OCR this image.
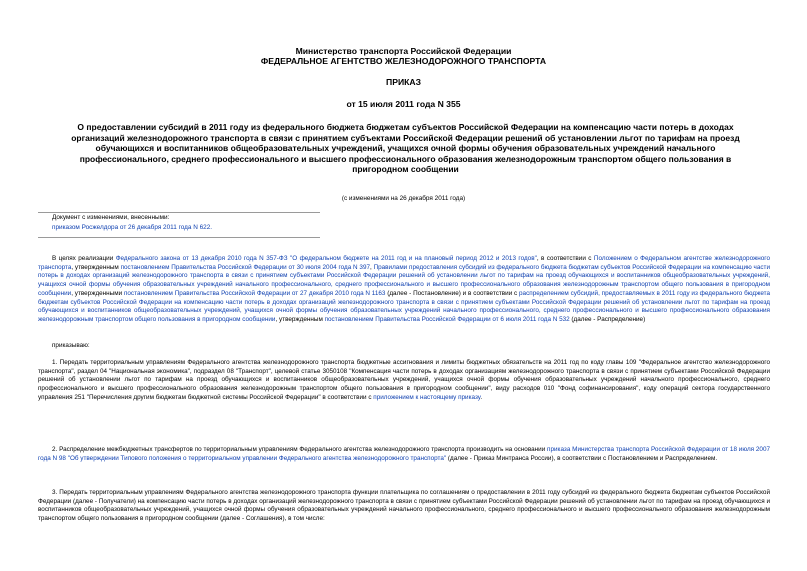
Министерство транспорта Российской Федерации
ФЕДЕРАЛЬНОЕ АГЕНТСТВО ЖЕЛЕЗНОДОРОЖНОГО ТРАНСПОРТА
ПРИКАЗ
от 15 июля 2011 года N 355
О предоставлении субсидий в 2011 году из федерального бюджета бюджетам субъектов Российской Федерации на компенсацию части потерь в доходах организаций железнодорожного транспорта в связи с принятием субъектами Российской Федерации решений об установлении льгот по тарифам на проезд обучающихся и воспитанников общеобразовательных учреждений, учащихся очной формы обучения образовательных учреждений начального профессионального, среднего профессионального и высшего профессионального образования железнодорожным транспортом общего пользования в пригородном сообщении
(с изменениями на 26 декабря 2011 года)
Документ с изменениями, внесенными:
приказом Росжелдора от 26 декабря 2011 года N 622.
В целях реализации Федерального закона от 13 декабря 2010 года N 357-ФЗ "О федеральном бюджете на 2011 год и на плановый период 2012 и 2013 годов", в соответствии с Положением о Федеральном агентстве железнодорожного транспорта, утвержденным постановлением Правительства Российской Федерации от 30 июля 2004 года N 397, Правилами предоставления субсидий из федерального бюджета бюджетам субъектов Российской Федерации на компенсацию части потерь в доходах организаций железнодорожного транспорта в связи с принятием субъектами Российской Федерации решений об установлении льгот по тарифам на проезд обучающихся и воспитанников общеобразовательных учреждений, учащихся очной формы обучения образовательных учреждений начального профессионального, среднего профессионального и высшего профессионального образования железнодорожным транспортом общего пользования в пригородном сообщении, утвержденными постановлением Правительства Российской Федерации от 27 декабря 2010 года N 1163 (далее - Постановление) и в соответствии с распределением субсидий, предоставляемых в 2011 году из федерального бюджета бюджетам субъектов Российской Федерации на компенсацию части потерь в доходах организаций железнодорожного транспорта в связи с принятием субъектами Российской Федерации решений об установлении льгот по тарифам на проезд обучающихся и воспитанников общеобразовательных учреждений, учащихся очной формы обучения образовательных учреждений начального профессионального, среднего профессионального и высшего профессионального образования железнодорожным транспортом общего пользования в пригородном сообщении, утвержденным постановлением Правительства Российской Федерации от 6 июля 2011 года N 532 (далее - Распределение)
приказываю:
1. Передать территориальным управлениям Федерального агентства железнодорожного транспорта бюджетные ассигнования и лимиты бюджетных обязательств на 2011 год по коду главы 109 "Федеральное агентство железнодорожного транспорта", раздел 04 "Национальная экономика", подраздел 08 "Транспорт", целевой статье 3050108 "Компенсация части потерь в доходах организациям железнодорожного транспорта в связи с принятием субъектами Российской Федерации решений об установлении льгот по тарифам на проезд обучающихся и воспитанников общеобразовательных учреждений, учащихся очной формы обучения образовательных учреждений начального профессионального, среднего профессионального и высшего профессионального образования железнодорожным транспортом общего пользования в пригородном сообщении", виду расходов 010 "Фонд софинансирования", коду операций сектора государственного управления 251 "Перечисления другим бюджетам бюджетной системы Российской Федерации" в соответствии с приложением к настоящему приказу.
2. Распределение межбюджетных трансфертов по территориальным управлениям Федерального агентства железнодорожного транспорта производить на основании приказа Министерства транспорта Российской Федерации от 18 июля 2007 года N 98 "Об утверждении Типового положения о территориальном управлении Федерального агентства железнодорожного транспорта" (далее - Приказ Минтранса России), в соответствии с Постановлением и Распределением.
3. Передать территориальным управлениям Федерального агентства железнодорожного транспорта функции плательщика по соглашениям о предоставлении в 2011 году субсидий из федерального бюджета бюджетам субъектов Российской Федерации (далее - Получатели) на компенсацию части потерь в доходах организаций железнодорожного транспорта в связи с принятием субъектами Российской Федерации решений об установлении льгот по тарифам на проезд обучающихся и воспитанников общеобразовательных учреждений, учащихся очной формы обучения образовательных учреждений начального профессионального, среднего профессионального и высшего профессионального образования железнодорожным транспортом общего пользования в пригородном сообщении (далее - Соглашения), в том числе:
